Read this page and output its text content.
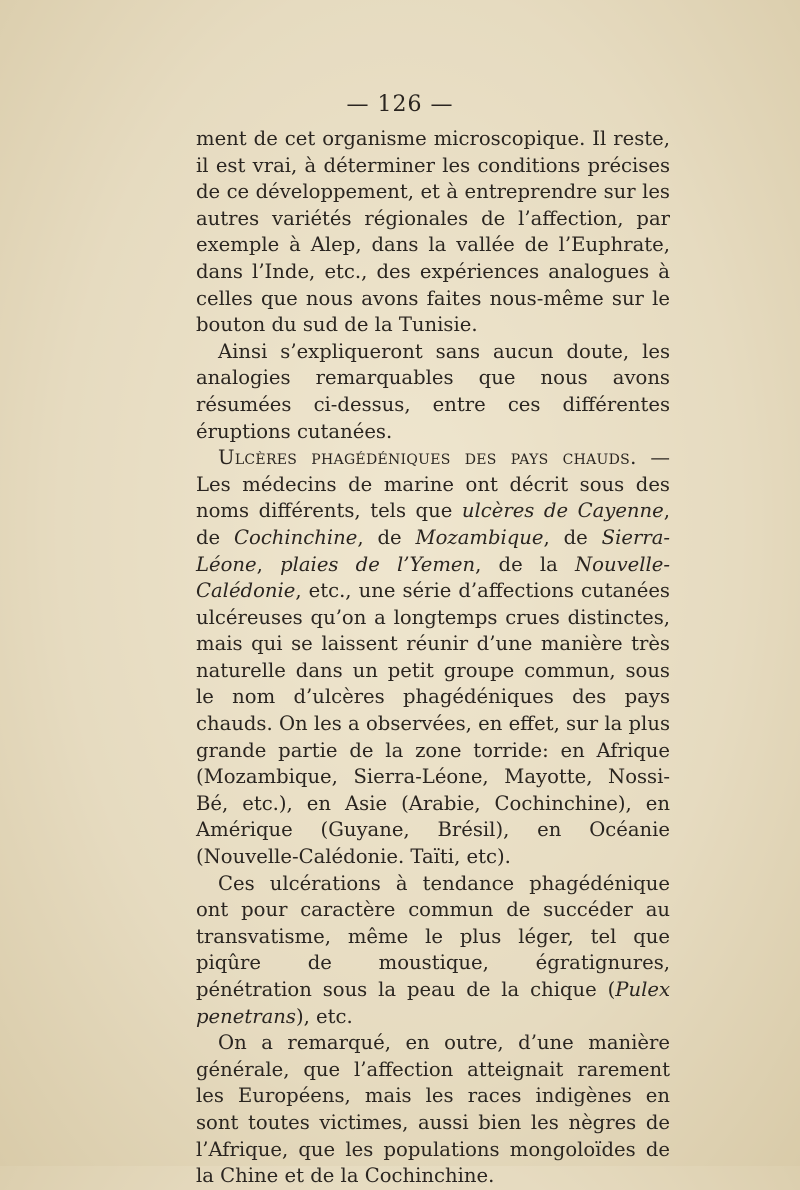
— 126 —

ment de cet organisme microscopique. Il reste, il est vrai, à déterminer les conditions précises de ce développement, et à entreprendre sur les autres variétés régionales de l’affection, par exemple à Alep, dans la vallée de l’Euphrate, dans l’Inde, etc., des expériences analogues à celles que nous avons faites nous-même sur le bouton du sud de la Tunisie.

Ainsi s’expliqueront sans aucun doute, les analogies remarquables que nous avons résumées ci-dessus, entre ces différentes éruptions cutanées.

Ulcères phagédéniques des pays chauds. — Les médecins de marine ont décrit sous des noms différents, tels que ulcères de Cayenne, de Cochinchine, de Mozambique, de Sierra-Léone, plaies de l’Yemen, de la Nouvelle-Calédonie, etc., une série d’affections cutanées ulcéreuses qu’on a longtemps crues distinctes, mais qui se laissent réunir d’une manière très naturelle dans un petit groupe commun, sous le nom d’ulcères phagédéniques des pays chauds. On les a observées, en effet, sur la plus grande partie de la zone torride: en Afrique (Mozambique, Sierra-Léone, Mayotte, Nossi-Bé, etc.), en Asie (Arabie, Cochinchine), en Amérique (Guyane, Brésil), en Océanie (Nouvelle-Calédonie. Taïti, etc).

Ces ulcérations à tendance phagédénique ont pour caractère commun de succéder au transvatisme, même le plus léger, tel que piqûre de moustique, égratignures, pénétration sous la peau de la chique (Pulex penetrans), etc.

On a remarqué, en outre, d’une manière générale, que l’affection atteignait rarement les Européens, mais les races indigènes en sont toutes victimes, aussi bien les nègres de l’Afrique, que les populations mongoloïdes de la Chine et de la Cochinchine.
